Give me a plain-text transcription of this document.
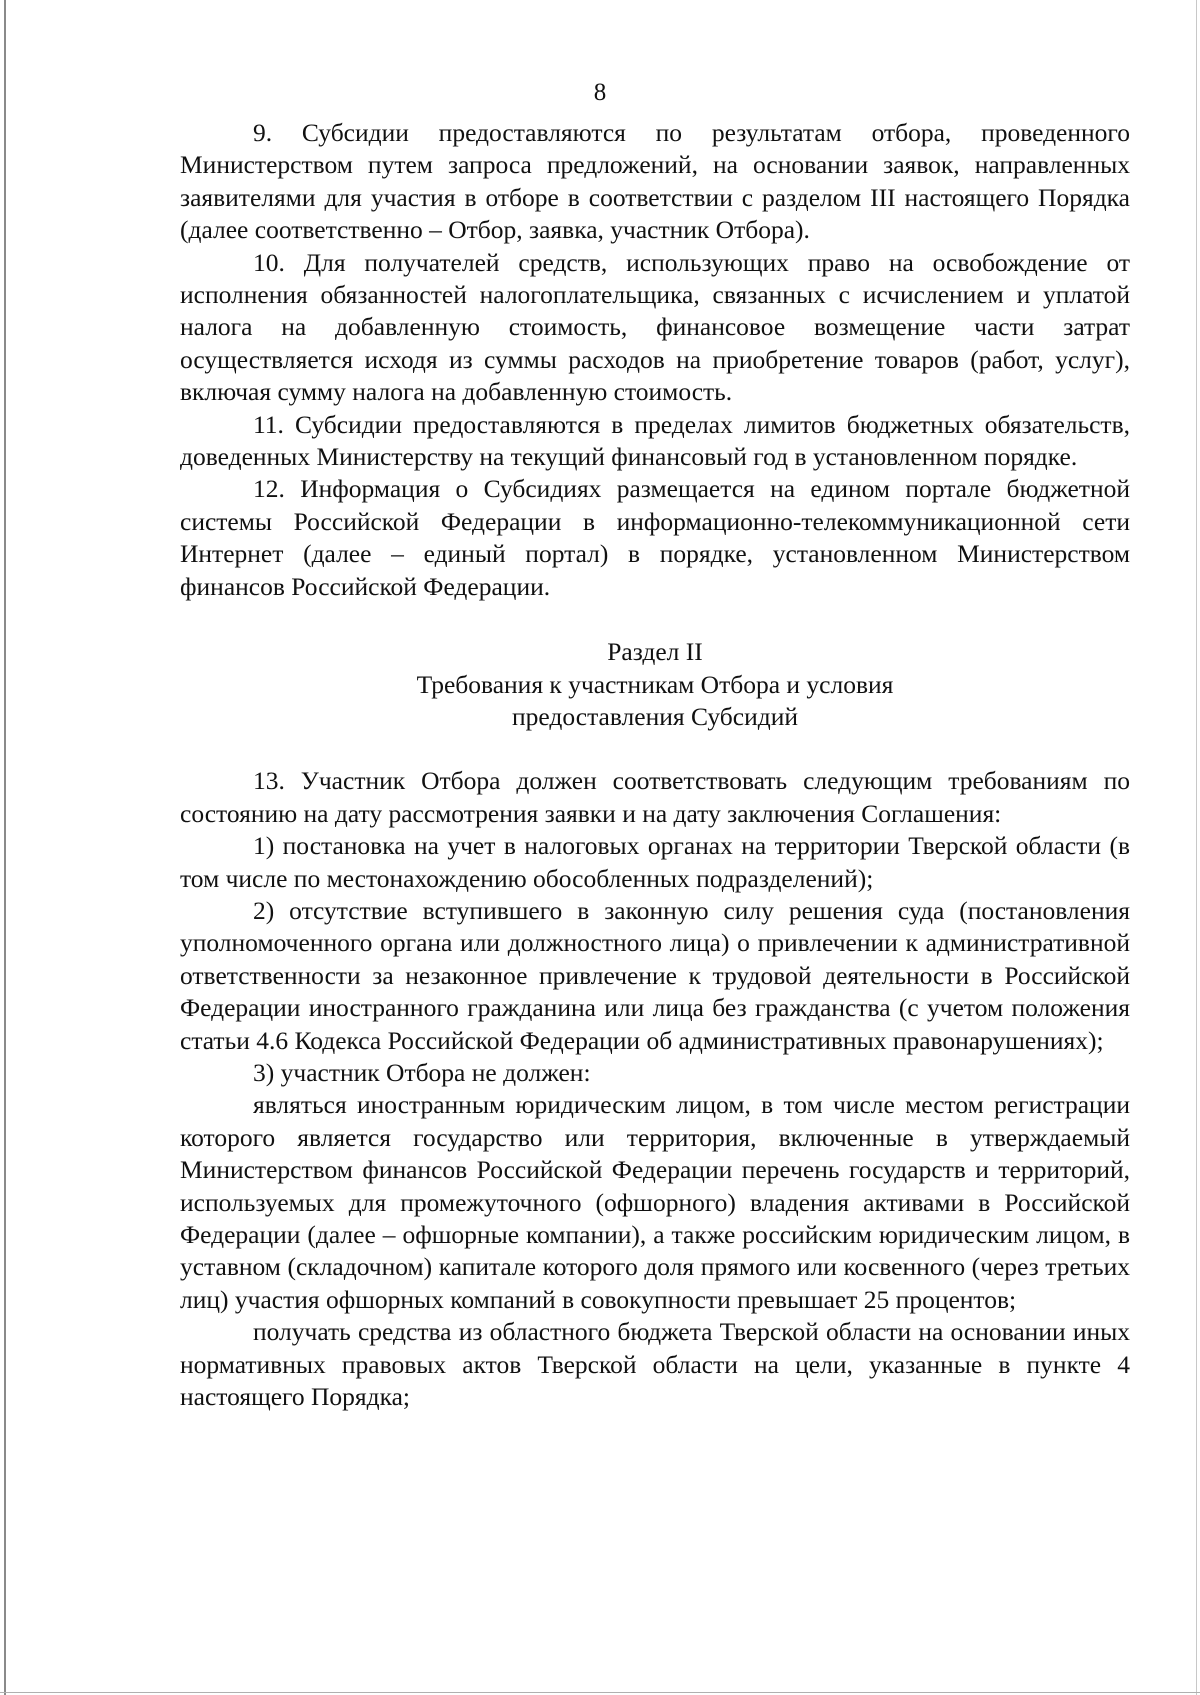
8

9. Субсидии предоставляются по результатам отбора, проведенного Министерством путем запроса предложений, на основании заявок, направленных заявителями для участия в отборе в соответствии с разделом III настоящего Порядка (далее соответственно – Отбор, заявка, участник Отбора).

10. Для получателей средств, использующих право на освобождение от исполнения обязанностей налогоплательщика, связанных с исчислением и уплатой налога на добавленную стоимость, финансовое возмещение части затрат осуществляется исходя из суммы расходов на приобретение товаров (работ, услуг), включая сумму налога на добавленную стоимость.

11. Субсидии предоставляются в пределах лимитов бюджетных обязательств, доведенных Министерству на текущий финансовый год в установленном порядке.

12. Информация о Субсидиях размещается на едином портале бюджетной системы Российской Федерации в информационно-телекоммуникационной сети Интернет (далее – единый портал) в порядке, установленном Министерством финансов Российской Федерации.

Раздел II

Требования к участникам Отбора и условия

предоставления Субсидий

13. Участник Отбора должен соответствовать следующим требованиям по состоянию на дату рассмотрения заявки и на дату заключения Соглашения:

1) постановка на учет в налоговых органах на территории Тверской области (в том числе по местонахождению обособленных подразделений);

2) отсутствие вступившего в законную силу решения суда (постановления уполномоченного органа или должностного лица) о привлечении к административной ответственности за незаконное привлечение к трудовой деятельности в Российской Федерации иностранного гражданина или лица без гражданства (с учетом положения статьи 4.6 Кодекса Российской Федерации об административных правонарушениях);

3) участник Отбора не должен:

являться иностранным юридическим лицом, в том числе местом регистрации которого является государство или территория, включенные в утверждаемый Министерством финансов Российской Федерации перечень государств и территорий, используемых для промежуточного (офшорного) владения активами в Российской Федерации (далее – офшорные компании), а также российским юридическим лицом, в уставном (складочном) капитале которого доля прямого или косвенного (через третьих лиц) участия офшорных компаний в совокупности превышает 25 процентов;

получать средства из областного бюджета Тверской области на основании иных нормативных правовых актов Тверской области на цели, указанные в пункте 4 настоящего Порядка;
